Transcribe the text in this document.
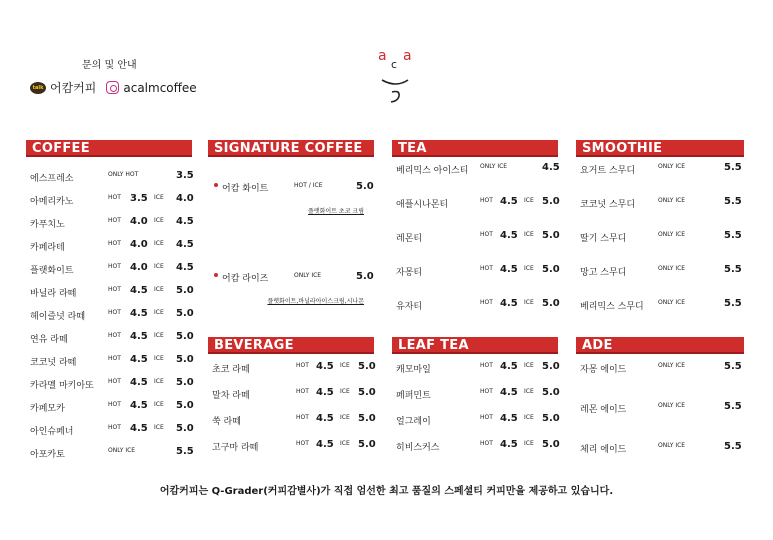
문의 및 안내
talk 어캄커피 acalmcoffee
a
c
a
COFFEE
에스프레소	ONLY HOT	3.5
아메리카노	HOT 3.5 ICE 4.0
카푸치노	HOT 4.0 ICE 4.5
카페라테	HOT 4.0 ICE 4.5
플랫화이트	HOT 4.0 ICE 4.5
바닐라 라떼	HOT 4.5 ICE 5.0
헤이즐넛 라떼	HOT 4.5 ICE 5.0
연유 라떼	HOT 4.5 ICE 5.0
코코넛 라떼	HOT 4.5 ICE 5.0
카라멜 마키아또 HOT 4.5 ICE 5.0
카페모카	HOT 4.5 ICE 5.0
아인슈페너	HOT 4.5 ICE 5.0
아포카토	ONLY ICE	5.5
SIGNATURE COFFEE
어캄 화이트	HOT / ICE	5.0
플랫화이트 초코 크림
어캄 라이즈	ONLY ICE	5.0
플랫화이트,바닐라아이스크림,시나몬
BEVERAGE
초코 라떼	HOT 4.5 ICE 5.0
말차 라떼	HOT 4.5 ICE 5.0
쑥 라떼	HOT 4.5 ICE 5.0
고구마 라떼	HOT 4.5 ICE 5.0
TEA
베리믹스 아이스티 ONLY ICE	4.5
애플시나몬티	HOT 4.5 ICE 5.0
레몬티	HOT 4.5 ICE 5.0
자몽티	HOT 4.5 ICE 5.0
유자티	HOT 4.5 ICE 5.0
LEAF TEA
캐모마일	HOT 4.5 ICE 5.0
페퍼민트	HOT 4.5 ICE 5.0
얼그레이	HOT 4.5 ICE 5.0
히비스커스	HOT 4.5 ICE 5.0
SMOOTHIE
요거트 스무디	ONLY ICE	5.5
코코넛 스무디	ONLY ICE	5.5
딸기 스무디	ONLY ICE	5.5
망고 스무디	ONLY ICE	5.5
베리믹스 스무디 ONLY ICE	5.5
ADE
자몽 에이드	ONLY ICE	5.5
레몬 에이드	ONLY ICE	5.5
체리 에이드	ONLY ICE	5.5
어캄커피는 Q-Grader(커피감별사)가 직접 엄선한 최고 품질의 스페셜티 커피만을 제공하고 있습니다.
